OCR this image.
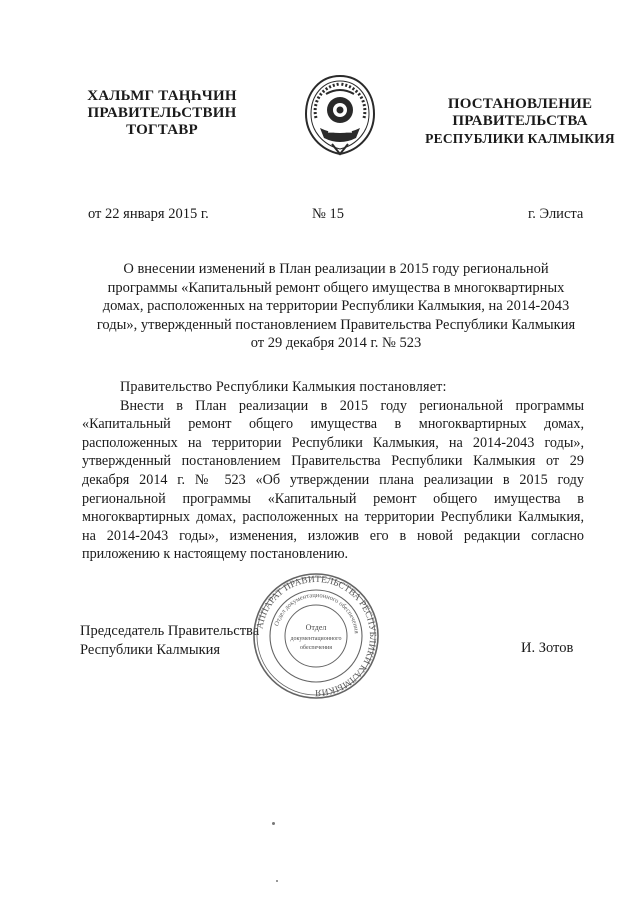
ХАЛЬМГ ТАҢҺЧИН
ПРАВИТЕЛЬСТВИН
ТОГТАВР
ПОСТАНОВЛЕНИЕ
ПРАВИТЕЛЬСТВА
РЕСПУБЛИКИ КАЛМЫКИЯ
от 22 января 2015 г.	№ 15	г. Элиста
О внесении изменений в План реализации в 2015 году региональной
программы «Капитальный ремонт общего имущества в многоквартирных
домах, расположенных на территории Республики Калмыкия, на 2014-2043
годы», утвержденный постановлением Правительства Республики Калмыкия
от 29 декабря 2014 г. № 523
Правительство Республики Калмыкия постановляет:
Внести в План реализации в 2015 году региональной программы «Капитальный ремонт общего имущества в многоквартирных домах, расположенных на территории Республики Калмыкия, на 2014-2043 годы», утвержденный постановлением Правительства Республики Калмыкия от 29 декабря 2014 г. № 523 «Об утверждении плана реализации в 2015 году региональной программы «Капитальный ремонт общего имущества в многоквартирных домах, расположенных на территории Республики Калмыкия, на 2014-2043 годы», изменения, изложив его в новой редакции согласно приложению к настоящему постановлению.
Председатель Правительства
Республики Калмыкия
АППАРАТ ПРАВИТЕЛЬСТВА РЕСПУБЛИКИ КАЛМЫКИЯ
Отдел документационного обеспечения
Отдел
документационного
обеспечения	И. Зотов
